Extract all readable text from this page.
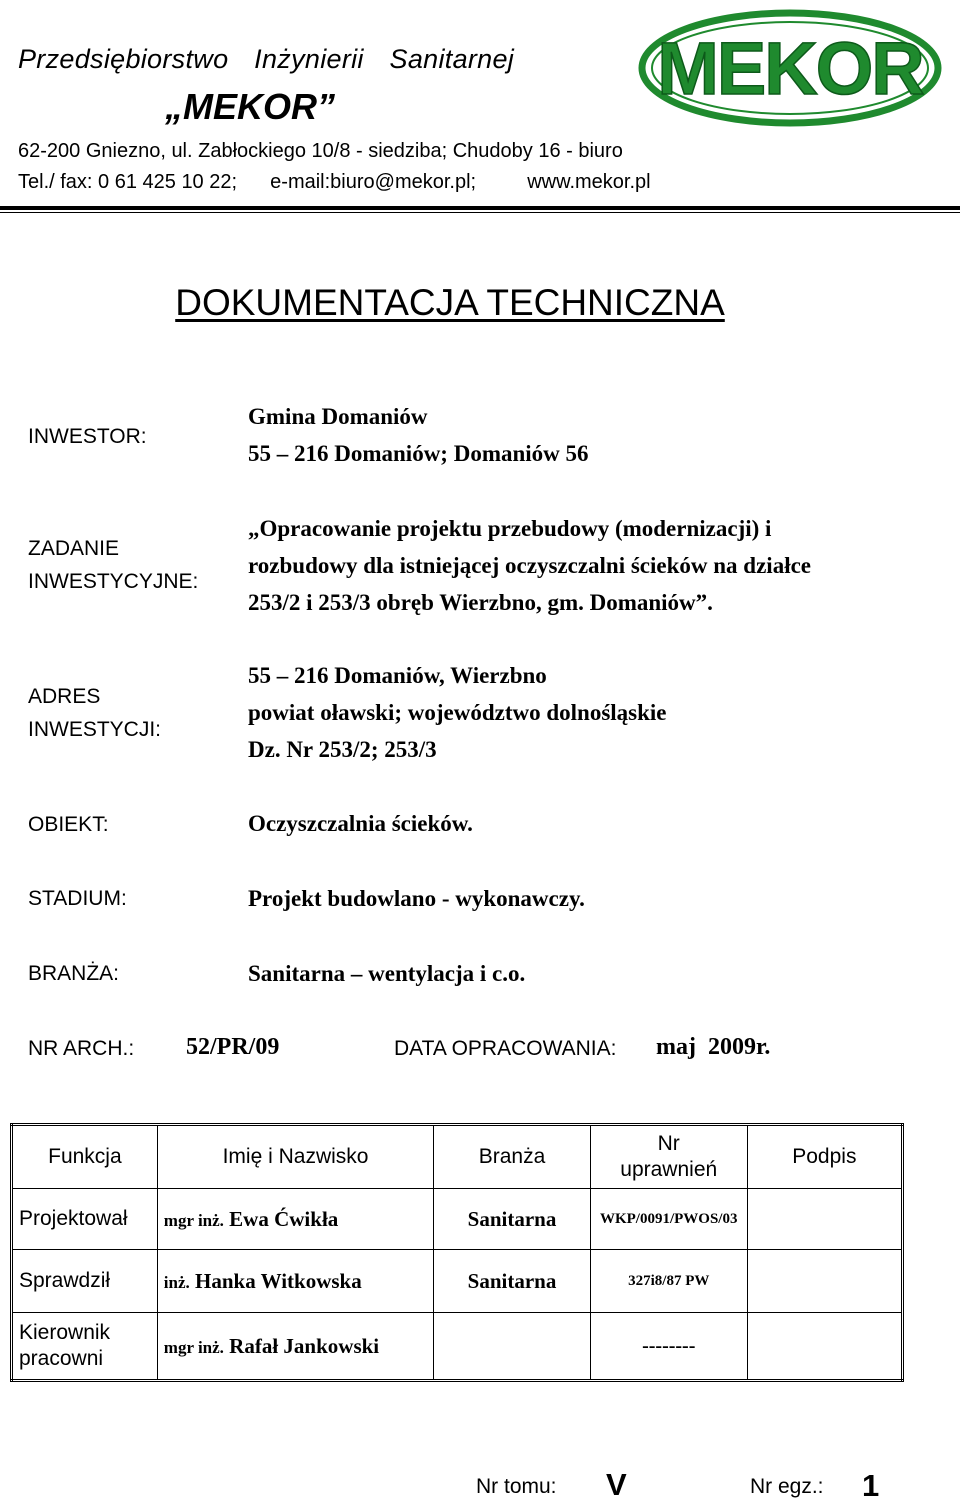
Przedsiębiorstwo Inżynierii Sanitarnej
„MEKOR”
62-200 Gniezno, ul. Zabłockiego 10/8 - siedziba; Chudoby 16 - biuro
Tel./ fax: 0 61 425 10 22; e-mail:biuro@mekor.pl;	www.mekor.pl
MEKOR
DOKUMENTACJA TECHNICZNA
INWESTOR:
Gmina Domaniów
55 – 216 Domaniów; Domaniów 56
ZADANIE
INWESTYCYJNE:
„Opracowanie projektu przebudowy (modernizacji) i
rozbudowy dla istniejącej oczyszczalni ścieków na działce
253/2 i 253/3 obręb Wierzbno, gm. Domaniów”.
ADRES
INWESTYCJI:
55 – 216 Domaniów, Wierzbno
powiat oławski; województwo dolnośląskie
Dz. Nr 253/2; 253/3
OBIEKT:	Oczyszczalnia ścieków.
STADIUM:	Projekt budowlano - wykonawczy.
BRANŻA:	Sanitarna – wentylacja i c.o.
NR ARCH.: 52/PR/09	DATA OPRACOWANIA: maj  2009r.
Funkcja	Imię i Nazwisko	Branża	Nr uprawnień	Podpis
Projektował	mgr inż. Ewa Ćwikła	Sanitarna	WKP/0091/PWOS/03	
Sprawdził	inż. Hanka Witkowska	Sanitarna	327i8/87 PW	

Kierownik pracowni	mgr inż. Rafał Jankowski		--------	
Nr tomu: V	Nr egz.: 1
